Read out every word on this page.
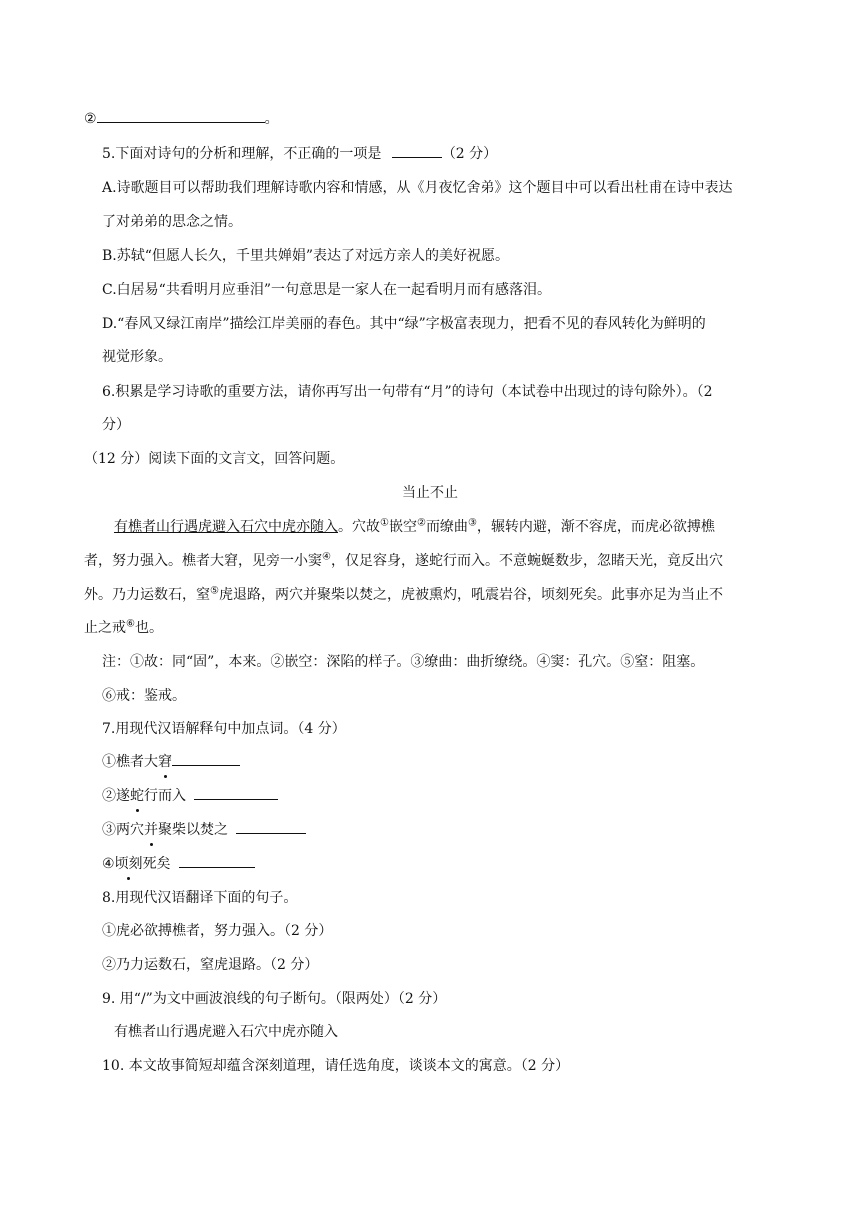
②	。
5.下面对诗句的分析和理解，不正确的一项是	（2 分）
A.诗歌题目可以帮助我们理解诗歌内容和情感，从《月夜忆舍弟》这个题目中可以看出杜甫在诗中表达
了对弟弟的思念之情。
B.苏轼“但愿人长久，千里共婵娟”表达了对远方亲人的美好祝愿。
C.白居易“共看明月应垂泪”一句意思是一家人在一起看明月而有感落泪。
D.“春风又绿江南岸”描绘江岸美丽的春色。其中“绿”字极富表现力，把看不见的春风转化为鲜明的
视觉形象。
6.积累是学习诗歌的重要方法，请你再写出一句带有“月”的诗句（本试卷中出现过的诗句除外）。（2
分）
（12 分）阅读下面的文言文，回答问题。
当止不止
有樵者山行遇虎避入石穴中虎亦随入。穴故①嵌空②而缭曲③，辗转内避，渐不容虎，而虎必欲搏樵
者，努力强入。樵者大窘，见旁一小窦④，仅足容身，遂蛇行而入。不意蜿蜒数步，忽睹天光，竟反出穴
外。乃力运数石，窒⑤虎退路，两穴并聚柴以焚之，虎被熏灼，吼震岩谷，顷刻死矣。此事亦足为当止不
止之戒⑥也。
注：①故：同“固”，本来。②嵌空：深陷的样子。③缭曲：曲折缭绕。④窦：孔穴。⑤窒：阻塞。
⑥戒：鉴戒。
7.用现代汉语解释句中加点词。（4 分）
①樵者大窘
②遂蛇行而入
③两穴并聚柴以焚之
④顷刻死矣
8.用现代汉语翻译下面的句子。
①虎必欲搏樵者，努力强入。（2 分）
②乃力运数石，窒虎退路。（2 分）
9. 用“/”为文中画波浪线的句子断句。（限两处）（2 分）
有樵者山行遇虎避入石穴中虎亦随入
10. 本文故事简短却蕴含深刻道理，请任选角度，谈谈本文的寓意。（2 分）
